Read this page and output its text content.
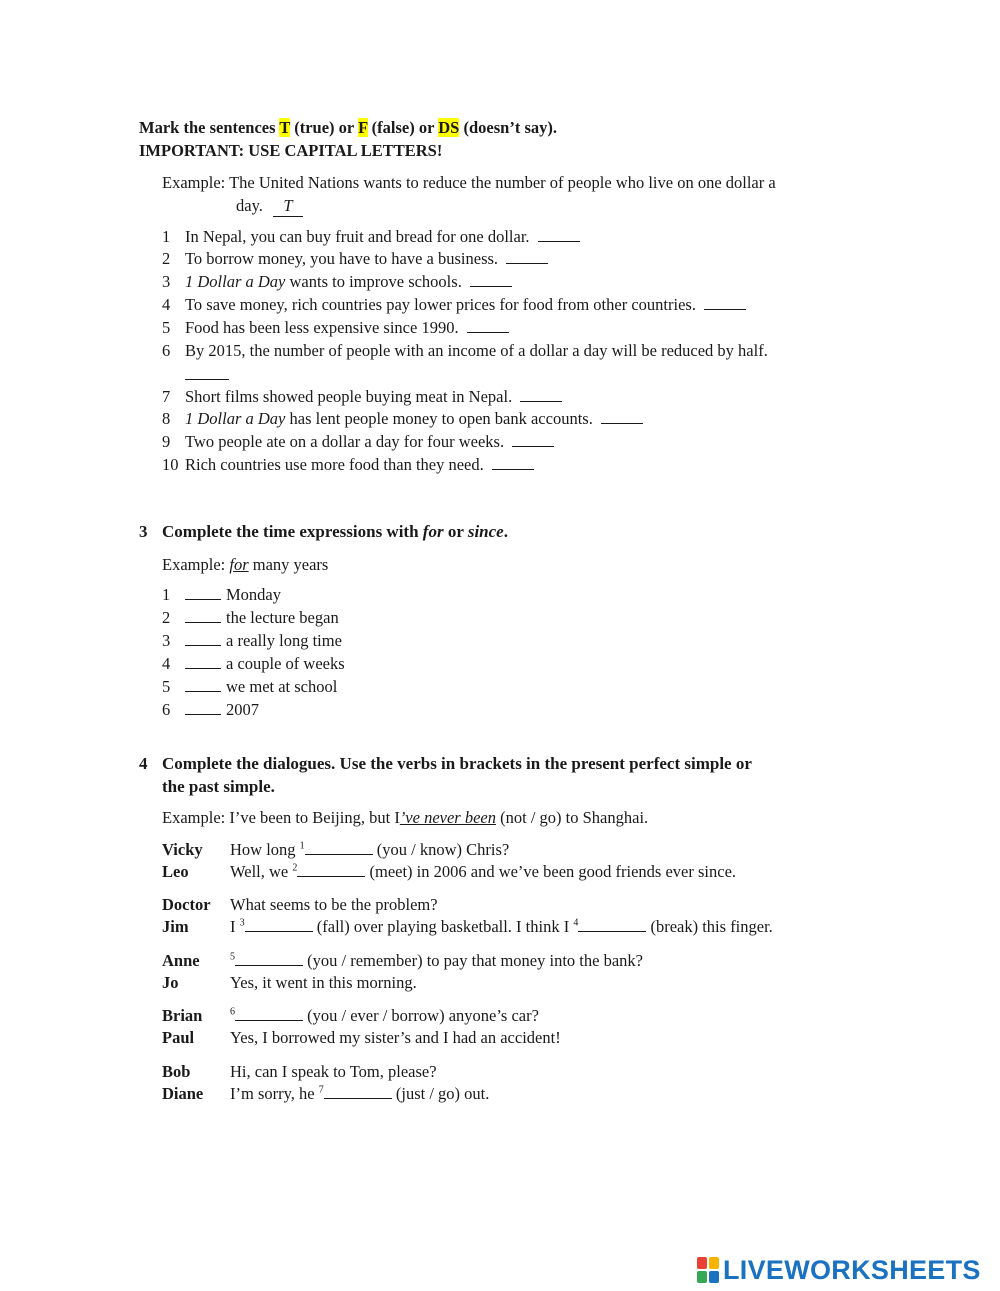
Mark the sentences T (true) or F (false) or DS (doesn’t say).
IMPORTANT: USE CAPITAL LETTERS!
Example: The United Nations wants to reduce the number of people who live on one dollar a
day. T
1 In Nepal, you can buy fruit and bread for one dollar.
2 To borrow money, you have to have a business.
3 1 Dollar a Day wants to improve schools.
4 To save money, rich countries pay lower prices for food from other countries.
5 Food has been less expensive since 1990.
6 By 2015, the number of people with an income of a dollar a day will be reduced by half.
7 Short films showed people buying meat in Nepal.
8 1 Dollar a Day has lent people money to open bank accounts.
9 Two people ate on a dollar a day for four weeks.
10 Rich countries use more food than they need.
3 Complete the time expressions with for or since.
Example: for many years
1	Monday
2	the lecture began
3	a really long time
4	a couple of weeks
5	we met at school
6	2007
4 Complete the dialogues. Use the verbs in brackets in the present perfect simple or
the past simple.
Example: I’ve been to Beijing, but I’ve never been (not / go) to Shanghai.
Vicky How long $^1$	(you / know) Chris?
Leo	Well, we $^2$	(meet) in 2006 and we’ve been good friends ever since.
Doctor What seems to be the problem?
Jim	I $^3$	(fall) over playing basketball. I think I $^4$	(break) this finger.
Anne	$^5$	(you / remember) to pay that money into the bank?
Jo	Yes, it went in this morning.
Brian	$^6$	(you / ever / borrow) anyone’s car?
Paul Yes, I borrowed my sister’s and I had an accident!
Bob Hi, can I speak to Tom, please?
Diane I’m sorry, he $^7$	(just / go) out.
LIVEWORKSHEETS
